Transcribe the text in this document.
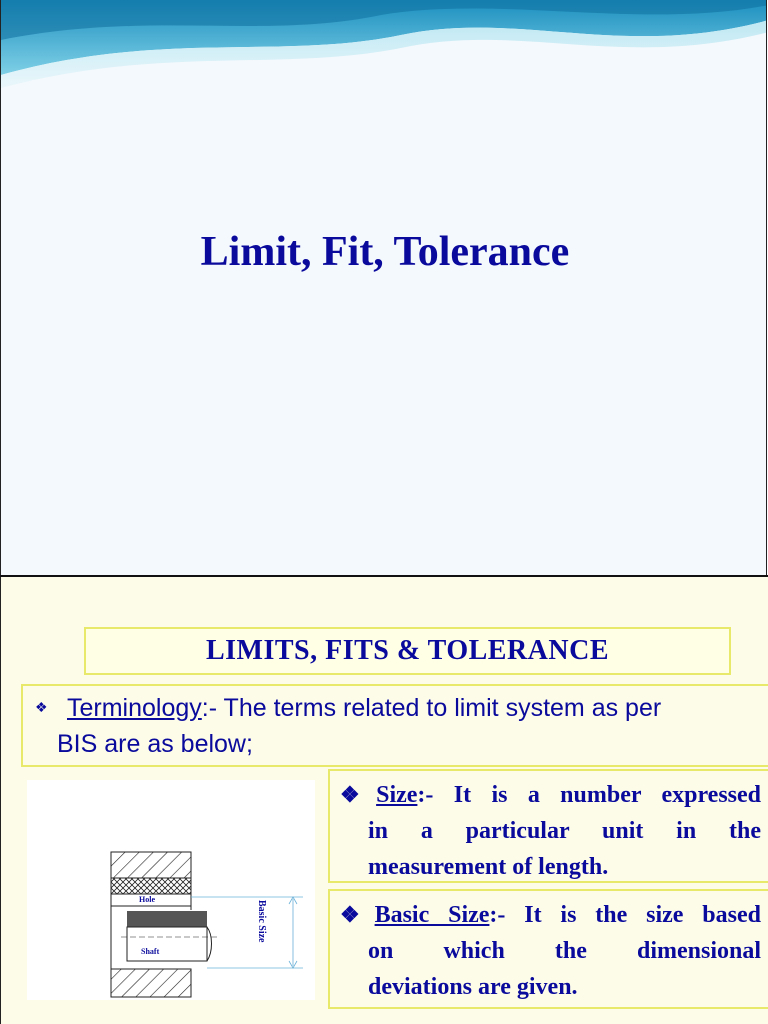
Limit, Fit, Tolerance
LIMITS, FITS & TOLERANCE
❖ Terminology:- The terms related to limit system as per
BIS are as below;
Hole
Shaft
Basic Size
❖Size:- It is a number expressed
in a particular unit in the
measurement of length.
❖Basic Size:- It is the size based
on which the dimensional
deviations are given.
